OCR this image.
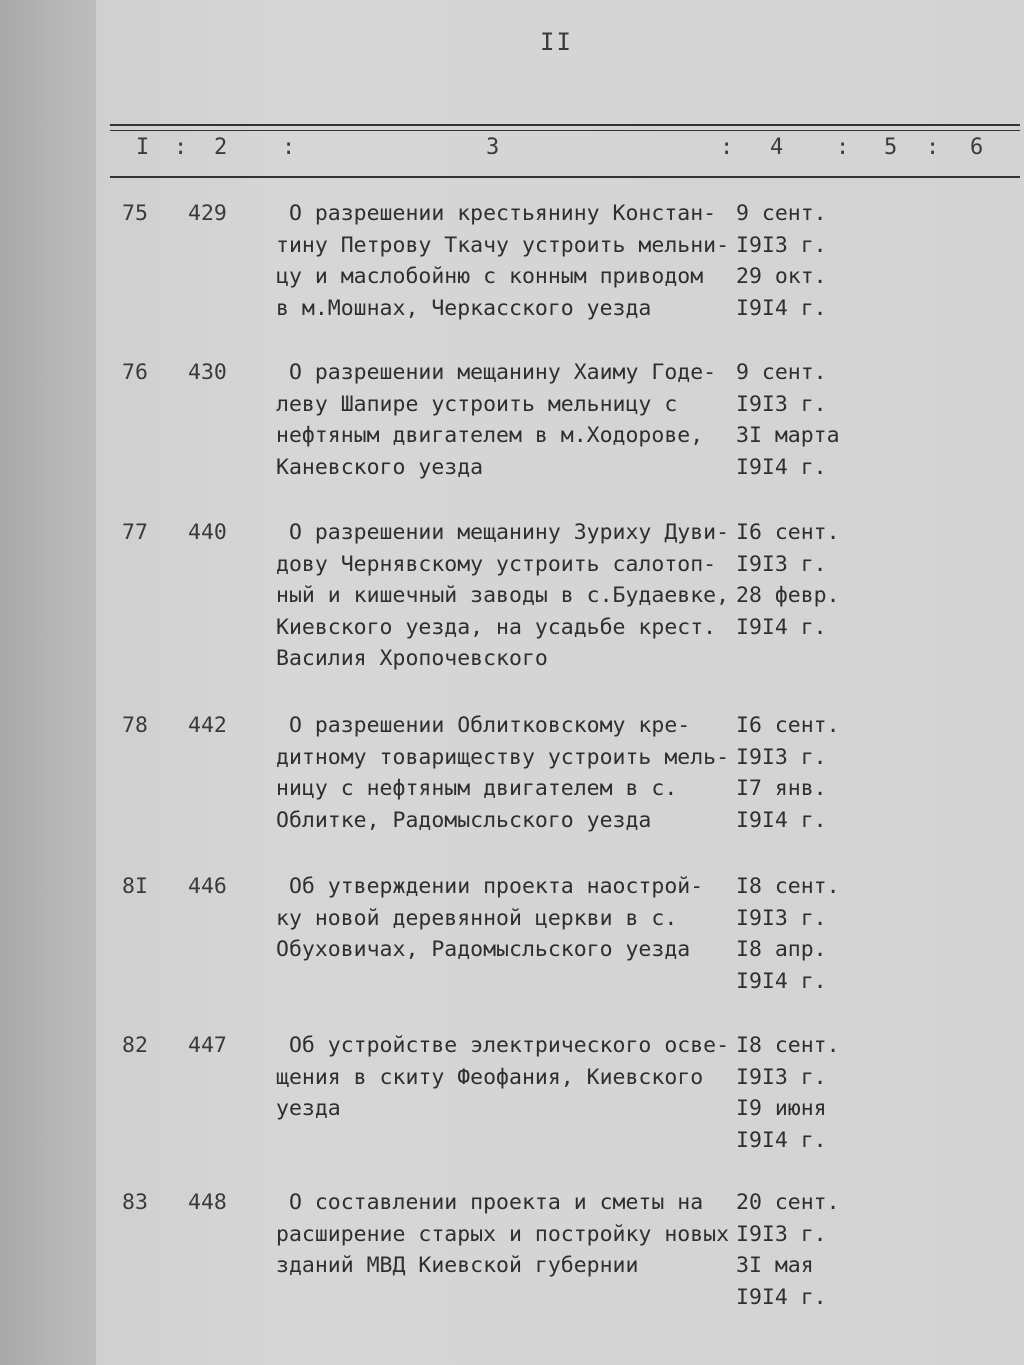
II
I : 2 :	3	: 4 : 5 : 6
75 429 О разрешении крестьянину Констан-
тину Петрову Ткачу устроить мельни-
цу и маслобойню с конным приводом
в м.Мошнах, Черкасского уезда
9 сент.
I9I3 г.
29 окт.
I9I4 г.
76 430 О разрешении мещанину Хаиму Годе-
леву Шапире устроить мельницу с
нефтяным двигателем в м.Ходорове,
Каневского уезда
9 сент.
I9I3 г.
3I марта
I9I4 г.
77 440 О разрешении мещанину Зуриху Дуви-
дову Чернявскому устроить салотоп-
ный и кишечный заводы в с.Будаевке,
Киевского уезда, на усадьбе крест.
Василия Хропочевского
I6 сент.
I9I3 г.
28 февр.
I9I4 г.
78 442 О разрешении Облитковскому кре-
дитному товариществу устроить мель-
ницу с нефтяным двигателем в с.
Облитке, Радомысльского уезда
I6 сент.
I9I3 г.
I7 янв.
I9I4 г.
8I 446 Об утверждении проекта наострой-
ку новой деревянной церкви в с.
Обуховичах, Радомысльского уезда
I8 сент.
I9I3 г.
I8 апр.
I9I4 г.
82 447 Об устройстве электрического осве-
щения в скиту Феофания, Киевского
уезда
I8 сент.
I9I3 г.
I9 июня
I9I4 г.
83 448 О составлении проекта и сметы на
расширение старых и постройку новых
зданий МВД Киевской губернии
20 сент.
I9I3 г.
3I мая
I9I4 г.
